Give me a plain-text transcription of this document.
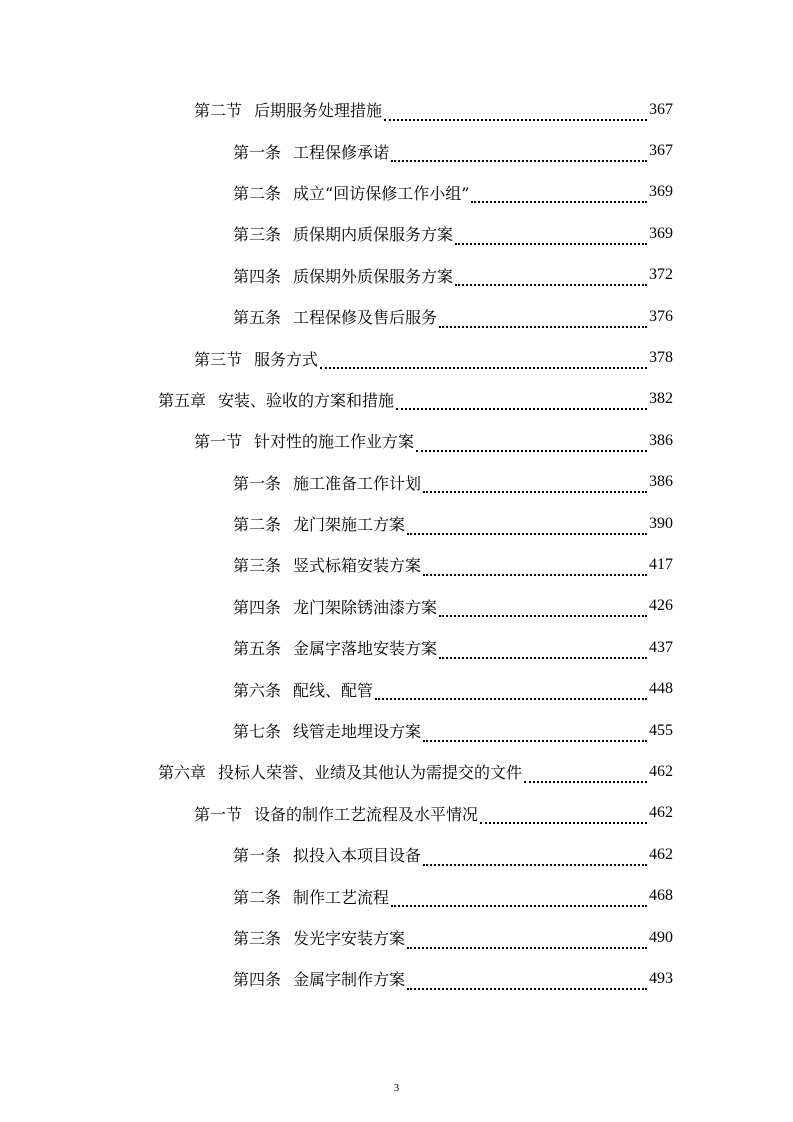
第二节 后期服务处理措施	367
第一条 工程保修承诺	367
第二条 成立“回访保修工作小组”	369
第三条 质保期内质保服务方案	369
第四条 质保期外质保服务方案	372
第五条 工程保修及售后服务	376
第三节 服务方式	378
第五章 安装、验收的方案和措施	382
第一节 针对性的施工作业方案	386
第一条 施工准备工作计划	386
第二条 龙门架施工方案	390
第三条 竖式标箱安装方案	417
第四条 龙门架除锈油漆方案	426
第五条 金属字落地安装方案	437
第六条 配线、配管	448
第七条 线管走地埋设方案	455
第六章 投标人荣誉、业绩及其他认为需提交的文件	462
第一节 设备的制作工艺流程及水平情况	462
第一条 拟投入本项目设备	462
第二条 制作工艺流程	468
第三条 发光字安装方案	490
第四条 金属字制作方案	493
3
